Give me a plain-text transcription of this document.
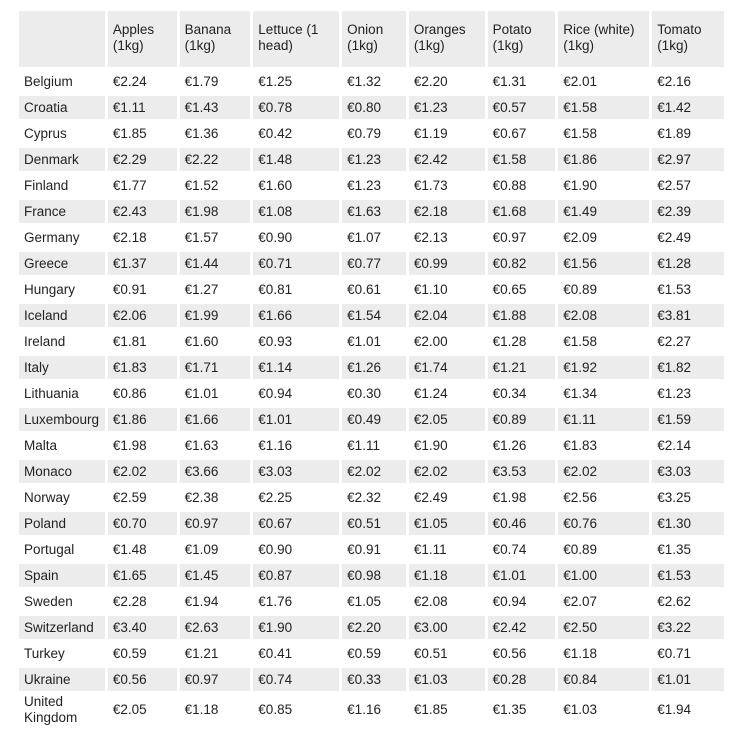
	Apples (1kg)	Banana (1kg)	Lettuce (1 head)	Onion (1kg)	Oranges (1kg)	Potato (1kg)	Rice (white) (1kg)	Tomato (1kg)
Belgium	€2.24	€1.79	€1.25	€1.32	€2.20	€1.31	€2.01	€2.16
Croatia	€1.11	€1.43	€0.78	€0.80	€1.23	€0.57	€1.58	€1.42
Cyprus	€1.85	€1.36	€0.42	€0.79	€1.19	€0.67	€1.58	€1.89
Denmark	€2.29	€2.22	€1.48	€1.23	€2.42	€1.58	€1.86	€2.97
Finland	€1.77	€1.52	€1.60	€1.23	€1.73	€0.88	€1.90	€2.57
France	€2.43	€1.98	€1.08	€1.63	€2.18	€1.68	€1.49	€2.39
Germany	€2.18	€1.57	€0.90	€1.07	€2.13	€0.97	€2.09	€2.49
Greece	€1.37	€1.44	€0.71	€0.77	€0.99	€0.82	€1.56	€1.28
Hungary	€0.91	€1.27	€0.81	€0.61	€1.10	€0.65	€0.89	€1.53
Iceland	€2.06	€1.99	€1.66	€1.54	€2.04	€1.88	€2.08	€3.81
Ireland	€1.81	€1.60	€0.93	€1.01	€2.00	€1.28	€1.58	€2.27
Italy	€1.83	€1.71	€1.14	€1.26	€1.74	€1.21	€1.92	€1.82
Lithuania	€0.86	€1.01	€0.94	€0.30	€1.24	€0.34	€1.34	€1.23
Luxembourg	€1.86	€1.66	€1.01	€0.49	€2.05	€0.89	€1.11	€1.59
Malta	€1.98	€1.63	€1.16	€1.11	€1.90	€1.26	€1.83	€2.14
Monaco	€2.02	€3.66	€3.03	€2.02	€2.02	€3.53	€2.02	€3.03
Norway	€2.59	€2.38	€2.25	€2.32	€2.49	€1.98	€2.56	€3.25
Poland	€0.70	€0.97	€0.67	€0.51	€1.05	€0.46	€0.76	€1.30
Portugal	€1.48	€1.09	€0.90	€0.91	€1.11	€0.74	€0.89	€1.35
Spain	€1.65	€1.45	€0.87	€0.98	€1.18	€1.01	€1.00	€1.53
Sweden	€2.28	€1.94	€1.76	€1.05	€2.08	€0.94	€2.07	€2.62
Switzerland	€3.40	€2.63	€1.90	€2.20	€3.00	€2.42	€2.50	€3.22
Turkey	€0.59	€1.21	€0.41	€0.59	€0.51	€0.56	€1.18	€0.71
Ukraine	€0.56	€0.97	€0.74	€0.33	€1.03	€0.28	€0.84	€1.01
United Kingdom	€2.05	€1.18	€0.85	€1.16	€1.85	€1.35	€1.03	€1.94
